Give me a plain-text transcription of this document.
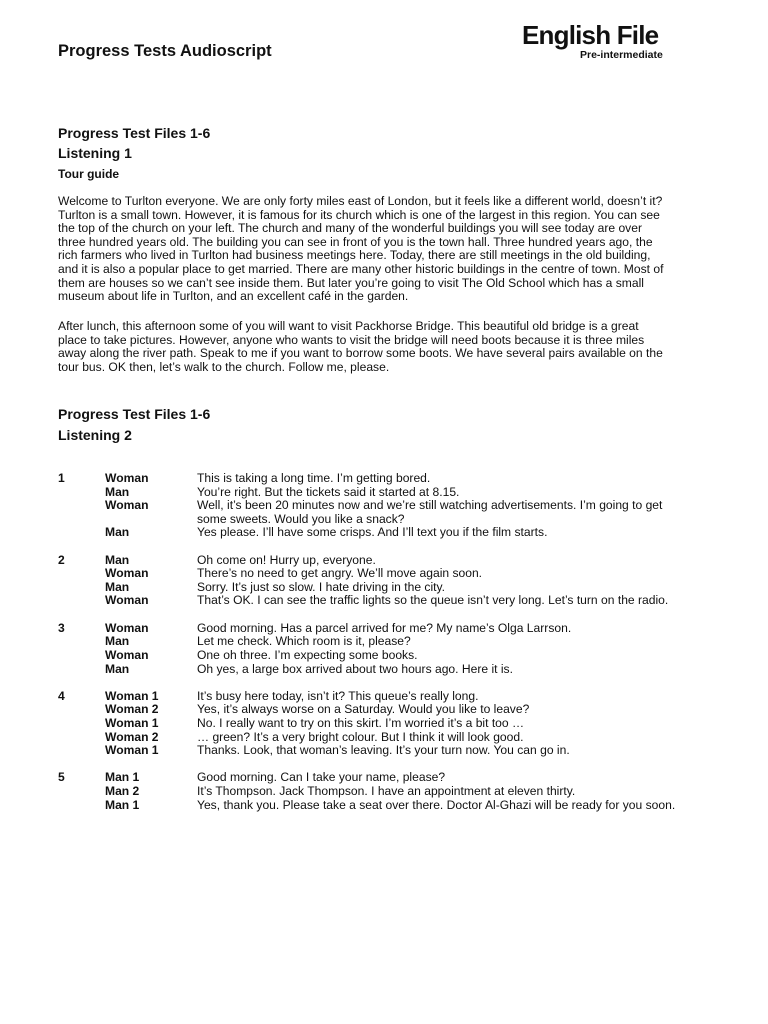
Progress Tests Audioscript
English File
Pre-intermediate
Progress Test Files 1-6
Listening 1
Tour guide

Welcome to Turlton everyone. We are only forty miles east of London, but it feels like a different world, doesn’t it?

Turlton is a small town. However, it is famous for its church which is one of the largest in this region. You can see

the top of the church on your left. The church and many of the wonderful buildings you will see today are over

three hundred years old. The building you can see in front of you is the town hall. Three hundred years ago, the

rich farmers who lived in Turlton had business meetings here. Today, there are still meetings in the old building,

and it is also a popular place to get married. There are many other historic buildings in the centre of town. Most of

them are houses so we can’t see inside them. But later you’re going to visit The Old School which has a small

museum about life in Turlton, and an excellent café in the garden.

After lunch, this afternoon some of you will want to visit Packhorse Bridge. This beautiful old bridge is a great

place to take pictures. However, anyone who wants to visit the bridge will need boots because it is three miles

away along the river path. Speak to me if you want to borrow some boots. We have several pairs available on the

tour bus. OK then, let’s walk to the church. Follow me, please.

Progress Test Files 1-6
Listening 2
1	Woman	This is taking a long time. I’m getting bored.
	Man	You’re right. But the tickets said it started at 8.15.
	Woman	Well, it’s been 20 minutes now and we’re still watching advertisements. I’m going to get
		some sweets. Would you like a snack?
	Man	Yes please. I’ll have some crisps. And I’ll text you if the film starts.

2	Man	Oh come on! Hurry up, everyone.
	Woman	There’s no need to get angry. We’ll move again soon.
	Man	Sorry. It’s just so slow. I hate driving in the city.
	Woman	That’s OK. I can see the traffic lights so the queue isn’t very long. Let’s turn on the radio.

3	Woman	Good morning. Has a parcel arrived for me? My name’s Olga Larrson.
	Man	Let me check. Which room is it, please?
	Woman	One oh three. I’m expecting some books.
	Man	Oh yes, a large box arrived about two hours ago. Here it is.

4	Woman 1	It’s busy here today, isn’t it? This queue’s really long.
	Woman 2	Yes, it’s always worse on a Saturday. Would you like to leave?
	Woman 1	No. I really want to try on this skirt. I’m worried it’s a bit too …
	Woman 2	… green? It’s a very bright colour. But I think it will look good.
	Woman 1	Thanks. Look, that woman’s leaving. It’s your turn now. You can go in.

5	Man 1	Good morning. Can I take your name, please?
	Man 2	It’s Thompson. Jack Thompson. I have an appointment at eleven thirty.
	Man 1	Yes, thank you. Please take a seat over there. Doctor Al-Ghazi will be ready for you soon.
